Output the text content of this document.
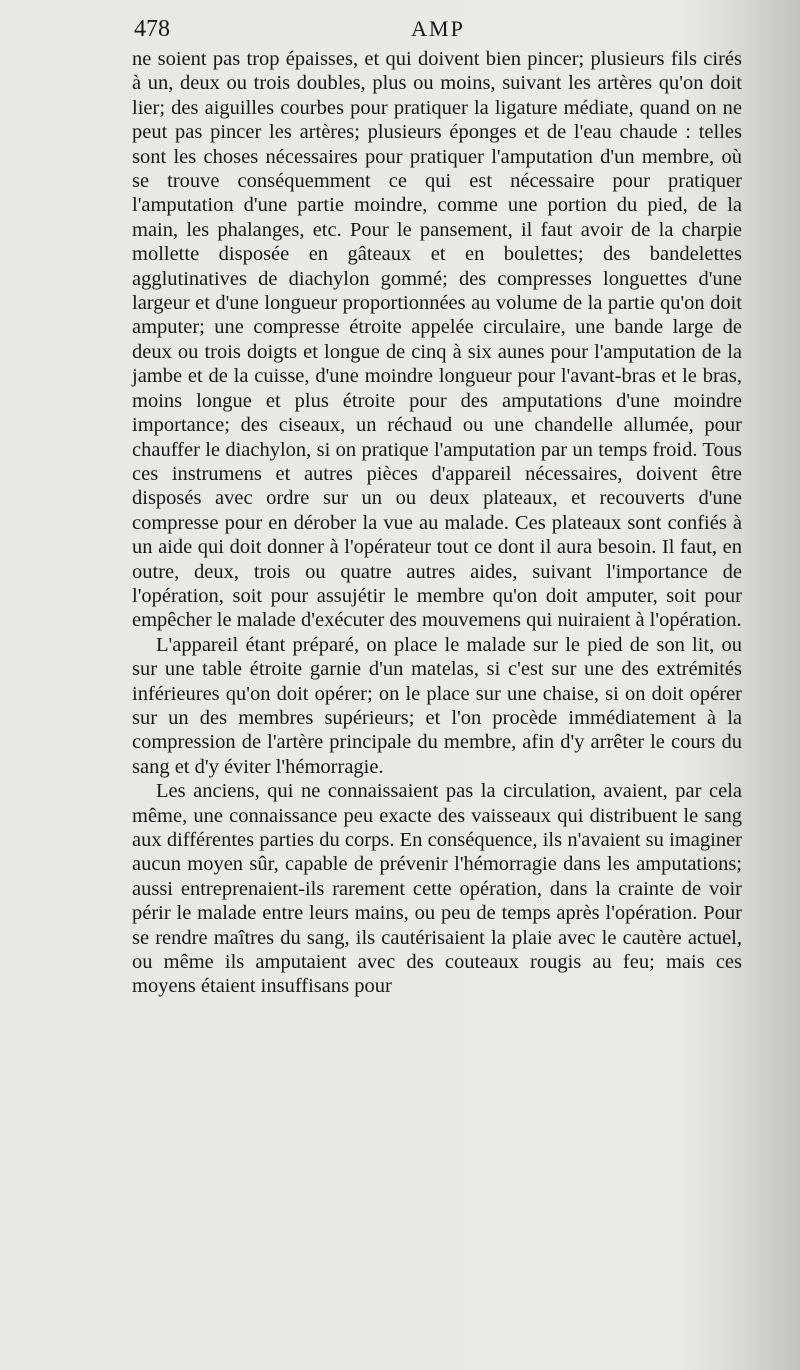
478	AMP

ne soient pas trop épaisses, et qui doivent bien pincer; plusieurs fils cirés à un, deux ou trois doubles, plus ou moins, suivant les artères qu'on doit lier; des aiguilles courbes pour pratiquer la ligature médiate, quand on ne peut pas pincer les artères; plusieurs éponges et de l'eau chaude : telles sont les choses nécessaires pour pratiquer l'amputation d'un membre, où se trouve conséquemment ce qui est nécessaire pour pratiquer l'amputation d'une partie moindre, comme une portion du pied, de la main, les phalanges, etc. Pour le pansement, il faut avoir de la charpie mollette disposée en gâteaux et en boulettes; des bandelettes agglutinatives de diachylon gommé; des compresses longuettes d'une largeur et d'une longueur proportionnées au volume de la partie qu'on doit amputer; une compresse étroite appelée circulaire, une bande large de deux ou trois doigts et longue de cinq à six aunes pour l'amputation de la jambe et de la cuisse, d'une moindre longueur pour l'avant-bras et le bras, moins longue et plus étroite pour des amputations d'une moindre importance; des ciseaux, un réchaud ou une chandelle allumée, pour chauffer le diachylon, si on pratique l'amputation par un temps froid. Tous ces instrumens et autres pièces d'appareil nécessaires, doivent être disposés avec ordre sur un ou deux plateaux, et recouverts d'une compresse pour en dérober la vue au malade. Ces plateaux sont confiés à un aide qui doit donner à l'opérateur tout ce dont il aura besoin. Il faut, en outre, deux, trois ou quatre autres aides, suivant l'importance de l'opération, soit pour assujétir le membre qu'on doit amputer, soit pour empêcher le malade d'exécuter des mouvemens qui nuiraient à l'opération.

L'appareil étant préparé, on place le malade sur le pied de son lit, ou sur une table étroite garnie d'un matelas, si c'est sur une des extrémités inférieures qu'on doit opérer; on le place sur une chaise, si on doit opérer sur un des membres supérieurs; et l'on procède immédiatement à la compression de l'artère principale du membre, afin d'y arrêter le cours du sang et d'y éviter l'hémorragie.

Les anciens, qui ne connaissaient pas la circulation, avaient, par cela même, une connaissance peu exacte des vaisseaux qui distribuent le sang aux différentes parties du corps. En conséquence, ils n'avaient su imaginer aucun moyen sûr, capable de prévenir l'hémorragie dans les amputations; aussi entreprenaient-ils rarement cette opération, dans la crainte de voir périr le malade entre leurs mains, ou peu de temps après l'opération. Pour se rendre maîtres du sang, ils cautérisaient la plaie avec le cautère actuel, ou même ils amputaient avec des couteaux rougis au feu; mais ces moyens étaient insuffisans pour
